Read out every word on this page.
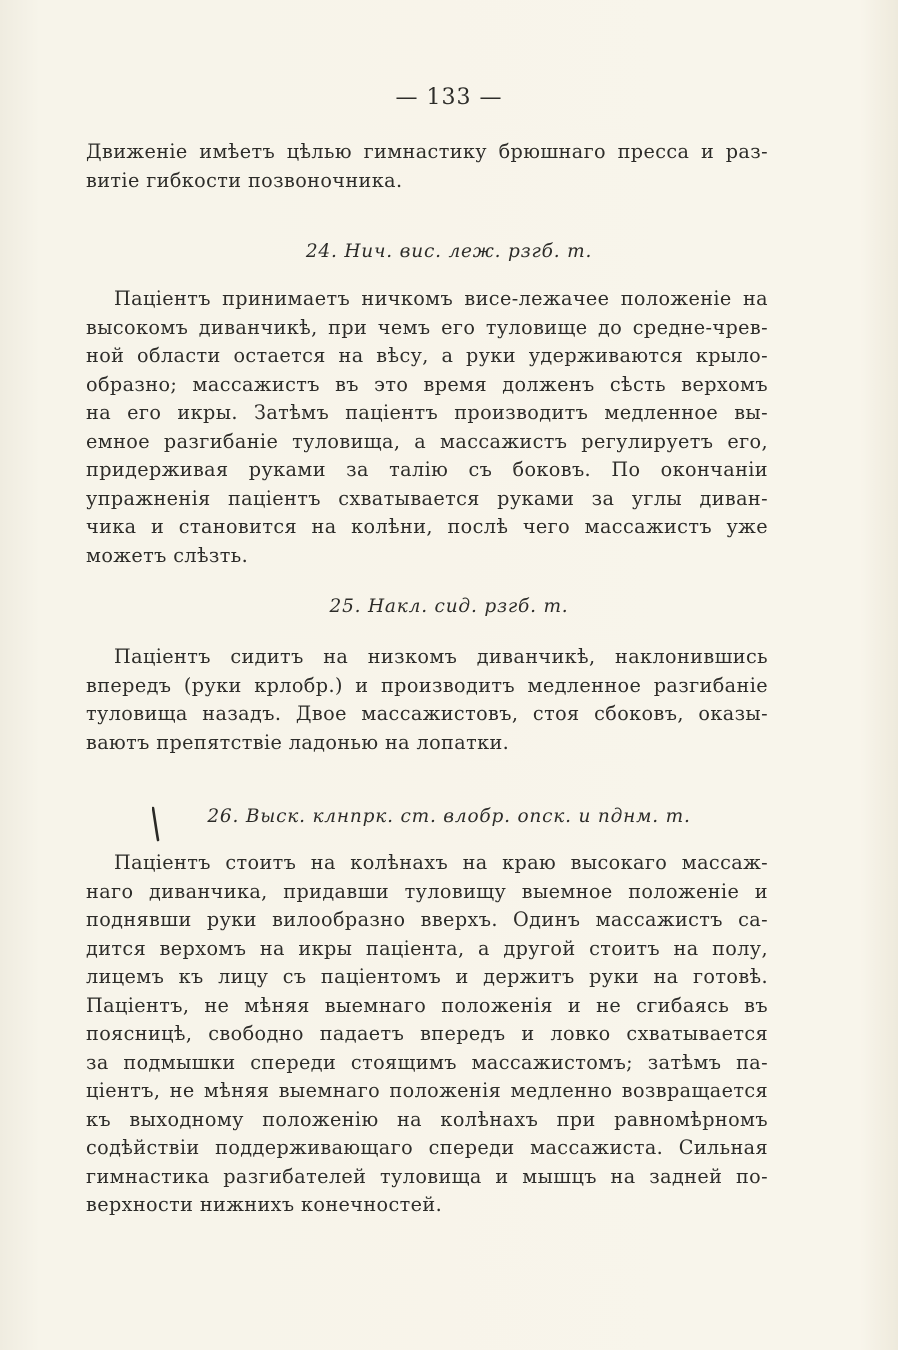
— 133 —

Движеніе имѣетъ цѣлью гимнастику брюшнаго пресса и раз-

витіе гибкости позвоночника.

24. Нич. вис. леж. рзгб. т.

Паціентъ принимаетъ ничкомъ висе-лежачее положеніе на

высокомъ диванчикѣ, при чемъ его туловище до средне-чрев-

ной области остается на вѣсу, а руки удерживаются крыло-

образно; массажистъ въ это время долженъ сѣсть верхомъ

на его икры. Затѣмъ паціентъ производитъ медленное вы-

емное разгибаніе туловища, а массажистъ регулируетъ его,

придерживая руками за талію съ боковъ. По окончаніи

упражненія паціентъ схватывается руками за углы диван-

чика и становится на колѣни, послѣ чего массажистъ уже

можетъ слѣзть.

25. Накл. сид. рзгб. т.

Паціентъ сидитъ на низкомъ диванчикѣ, наклонившись

впередъ (руки крлобр.) и производитъ медленное разгибаніе

туловища назадъ. Двое массажистовъ, стоя сбоковъ, оказы-

ваютъ препятствіе ладонью на лопатки.

26. Выск. клнпрк. ст. влобр. опск. и пднм. т.

Паціентъ стоитъ на колѣнахъ на краю высокаго массаж-

наго диванчика, придавши туловищу выемное положеніе и

поднявши руки вилообразно вверхъ. Одинъ массажистъ са-

дится верхомъ на икры паціента, а другой стоитъ на полу,

лицемъ къ лицу съ паціентомъ и держитъ руки на готовѣ.

Паціентъ, не мѣняя выемнаго положенія и не сгибаясь въ

поясницѣ, свободно падаетъ впередъ и ловко схватывается

за подмышки спереди стоящимъ массажистомъ; затѣмъ па-

ціентъ, не мѣняя выемнаго положенія медленно возвращается

къ выходному положенію на колѣнахъ при равномѣрномъ

содѣйствіи поддерживающаго спереди массажиста. Сильная

гимнастика разгибателей туловища и мышцъ на задней по-

верхности нижнихъ конечностей.
